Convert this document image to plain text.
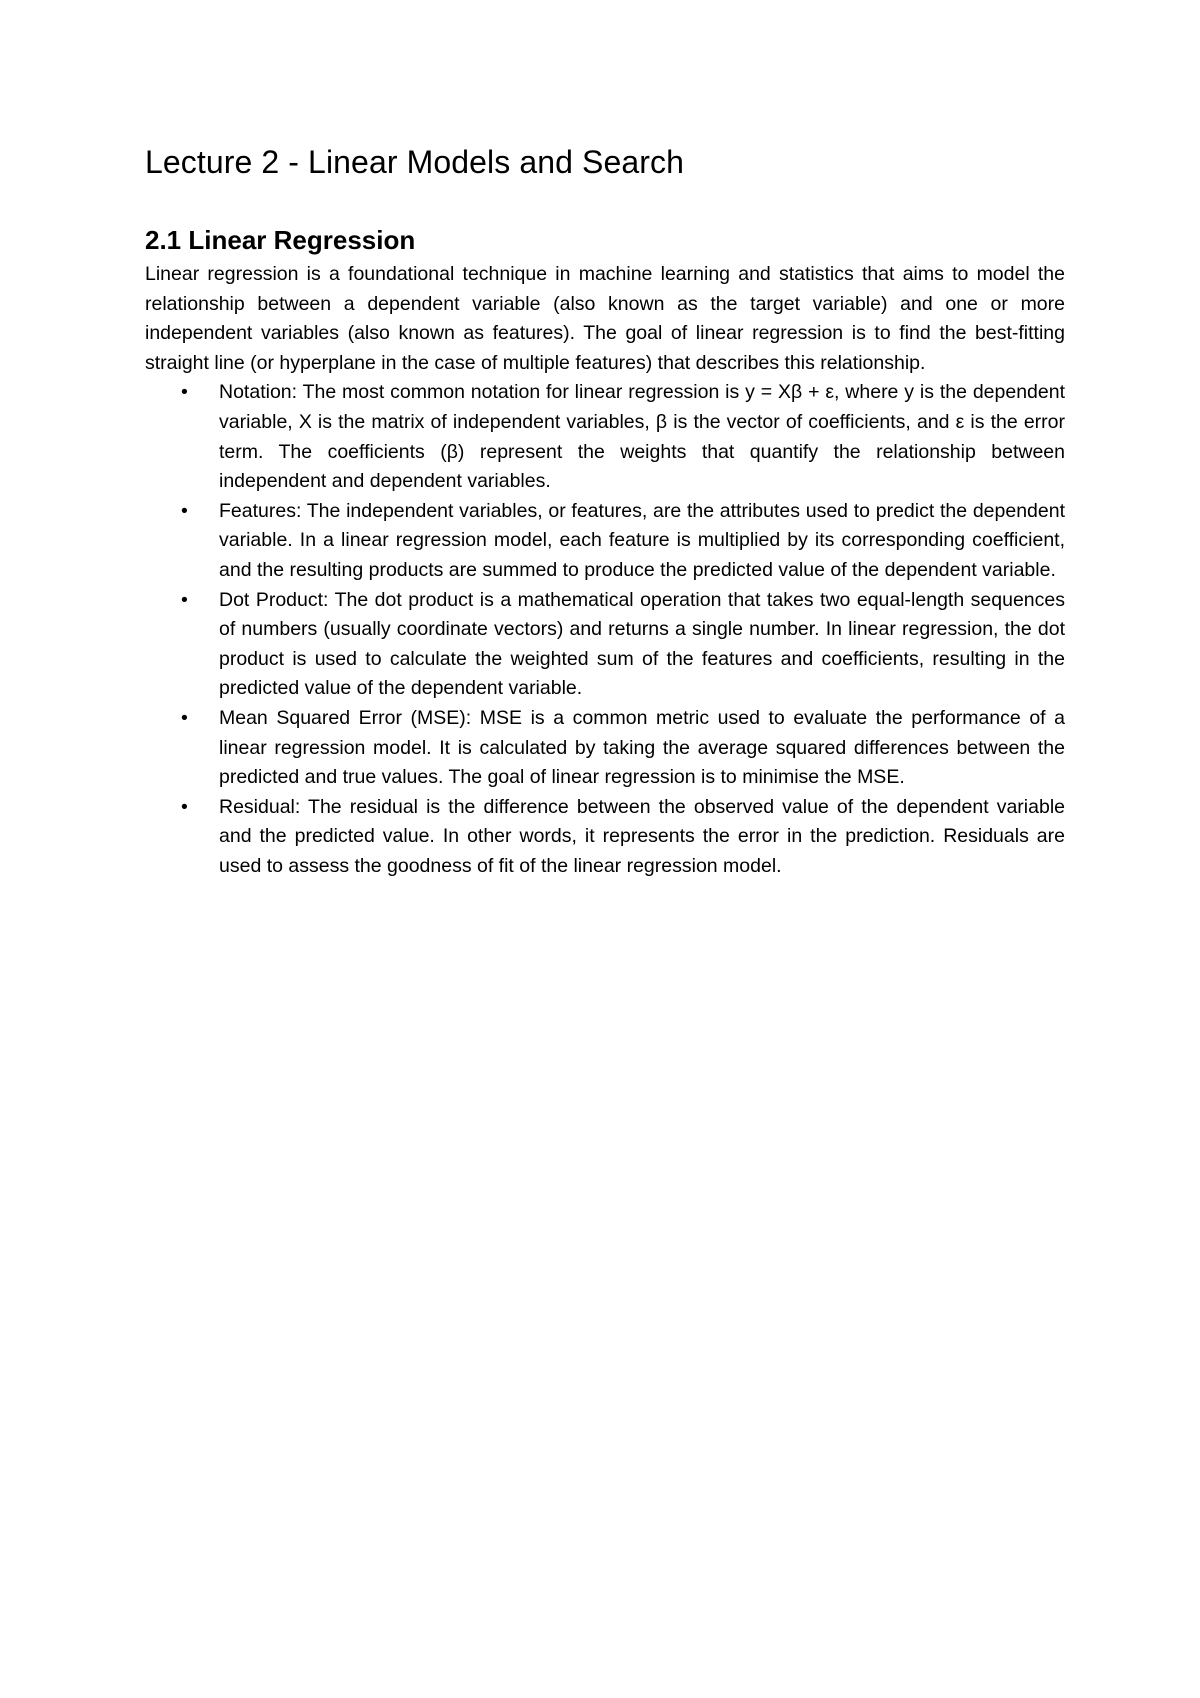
Lecture 2 - Linear Models and Search
2.1 Linear Regression

Linear regression is a foundational technique in machine learning and statistics that aims to model the relationship between a dependent variable (also known as the target variable) and one or more independent variables (also known as features). The goal of linear regression is to find the best-fitting straight line (or hyperplane in the case of multiple features) that describes this relationship.

• Notation: The most common notation for linear regression is y = Xβ + ε, where y is the dependent variable, X is the matrix of independent variables, β is the vector of coefficients, and ε is the error term. The coefficients (β) represent the weights that quantify the relationship between independent and dependent variables.
• Features: The independent variables, or features, are the attributes used to predict the dependent variable. In a linear regression model, each feature is multiplied by its corresponding coefficient, and the resulting products are summed to produce the predicted value of the dependent variable.
• Dot Product: The dot product is a mathematical operation that takes two equal-length sequences of numbers (usually coordinate vectors) and returns a single number. In linear regression, the dot product is used to calculate the weighted sum of the features and coefficients, resulting in the predicted value of the dependent variable.
• Mean Squared Error (MSE): MSE is a common metric used to evaluate the performance of a linear regression model. It is calculated by taking the average squared differences between the predicted and true values. The goal of linear regression is to minimise the MSE.
• Residual: The residual is the difference between the observed value of the dependent variable and the predicted value. In other words, it represents the error in the prediction. Residuals are used to assess the goodness of fit of the linear regression model.
